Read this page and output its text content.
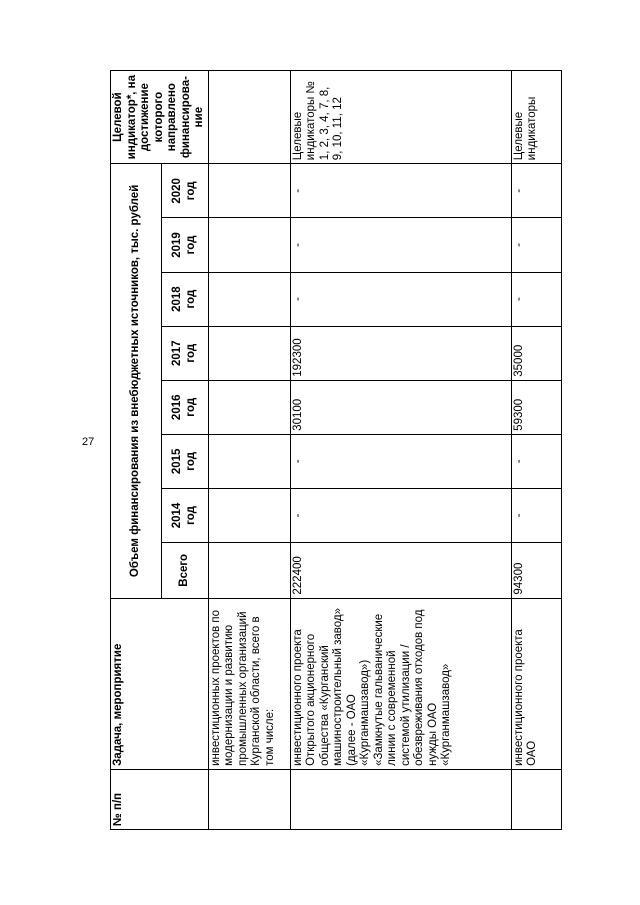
27
№ п/п	Задача, мероприятие	Объем финансирования из внебюджетных источников, тыс. рублей								Целевой индикатор*, на достижение которого направлено финансирова-ние
		Всего	2014 год	2015 год	2016 год	2017 год	2018 год	2019 год	2020 год	
	инвестиционных проектов по модернизации и развитию промышленных организаций Курганской области, всего в том числе:									
	инвестиционного проекта Открытого акционерного общества «Курганский машиностроительный завод» (далее - ОАО «Курганмашзавод») «Замкнутые гальванические линии с современной системой утилизации / обезвреживания отходов под нужды ОАО «Курганмашзавод»	222400	-	-	30100	192300	-	-	-	Целевые индикаторы № 1, 2, 3, 4, 7, 8, 9, 10, 11, 12
	инвестиционного проекта ОАО	94300	-	-	59300	35000	-	-	-	Целевые индикаторы
